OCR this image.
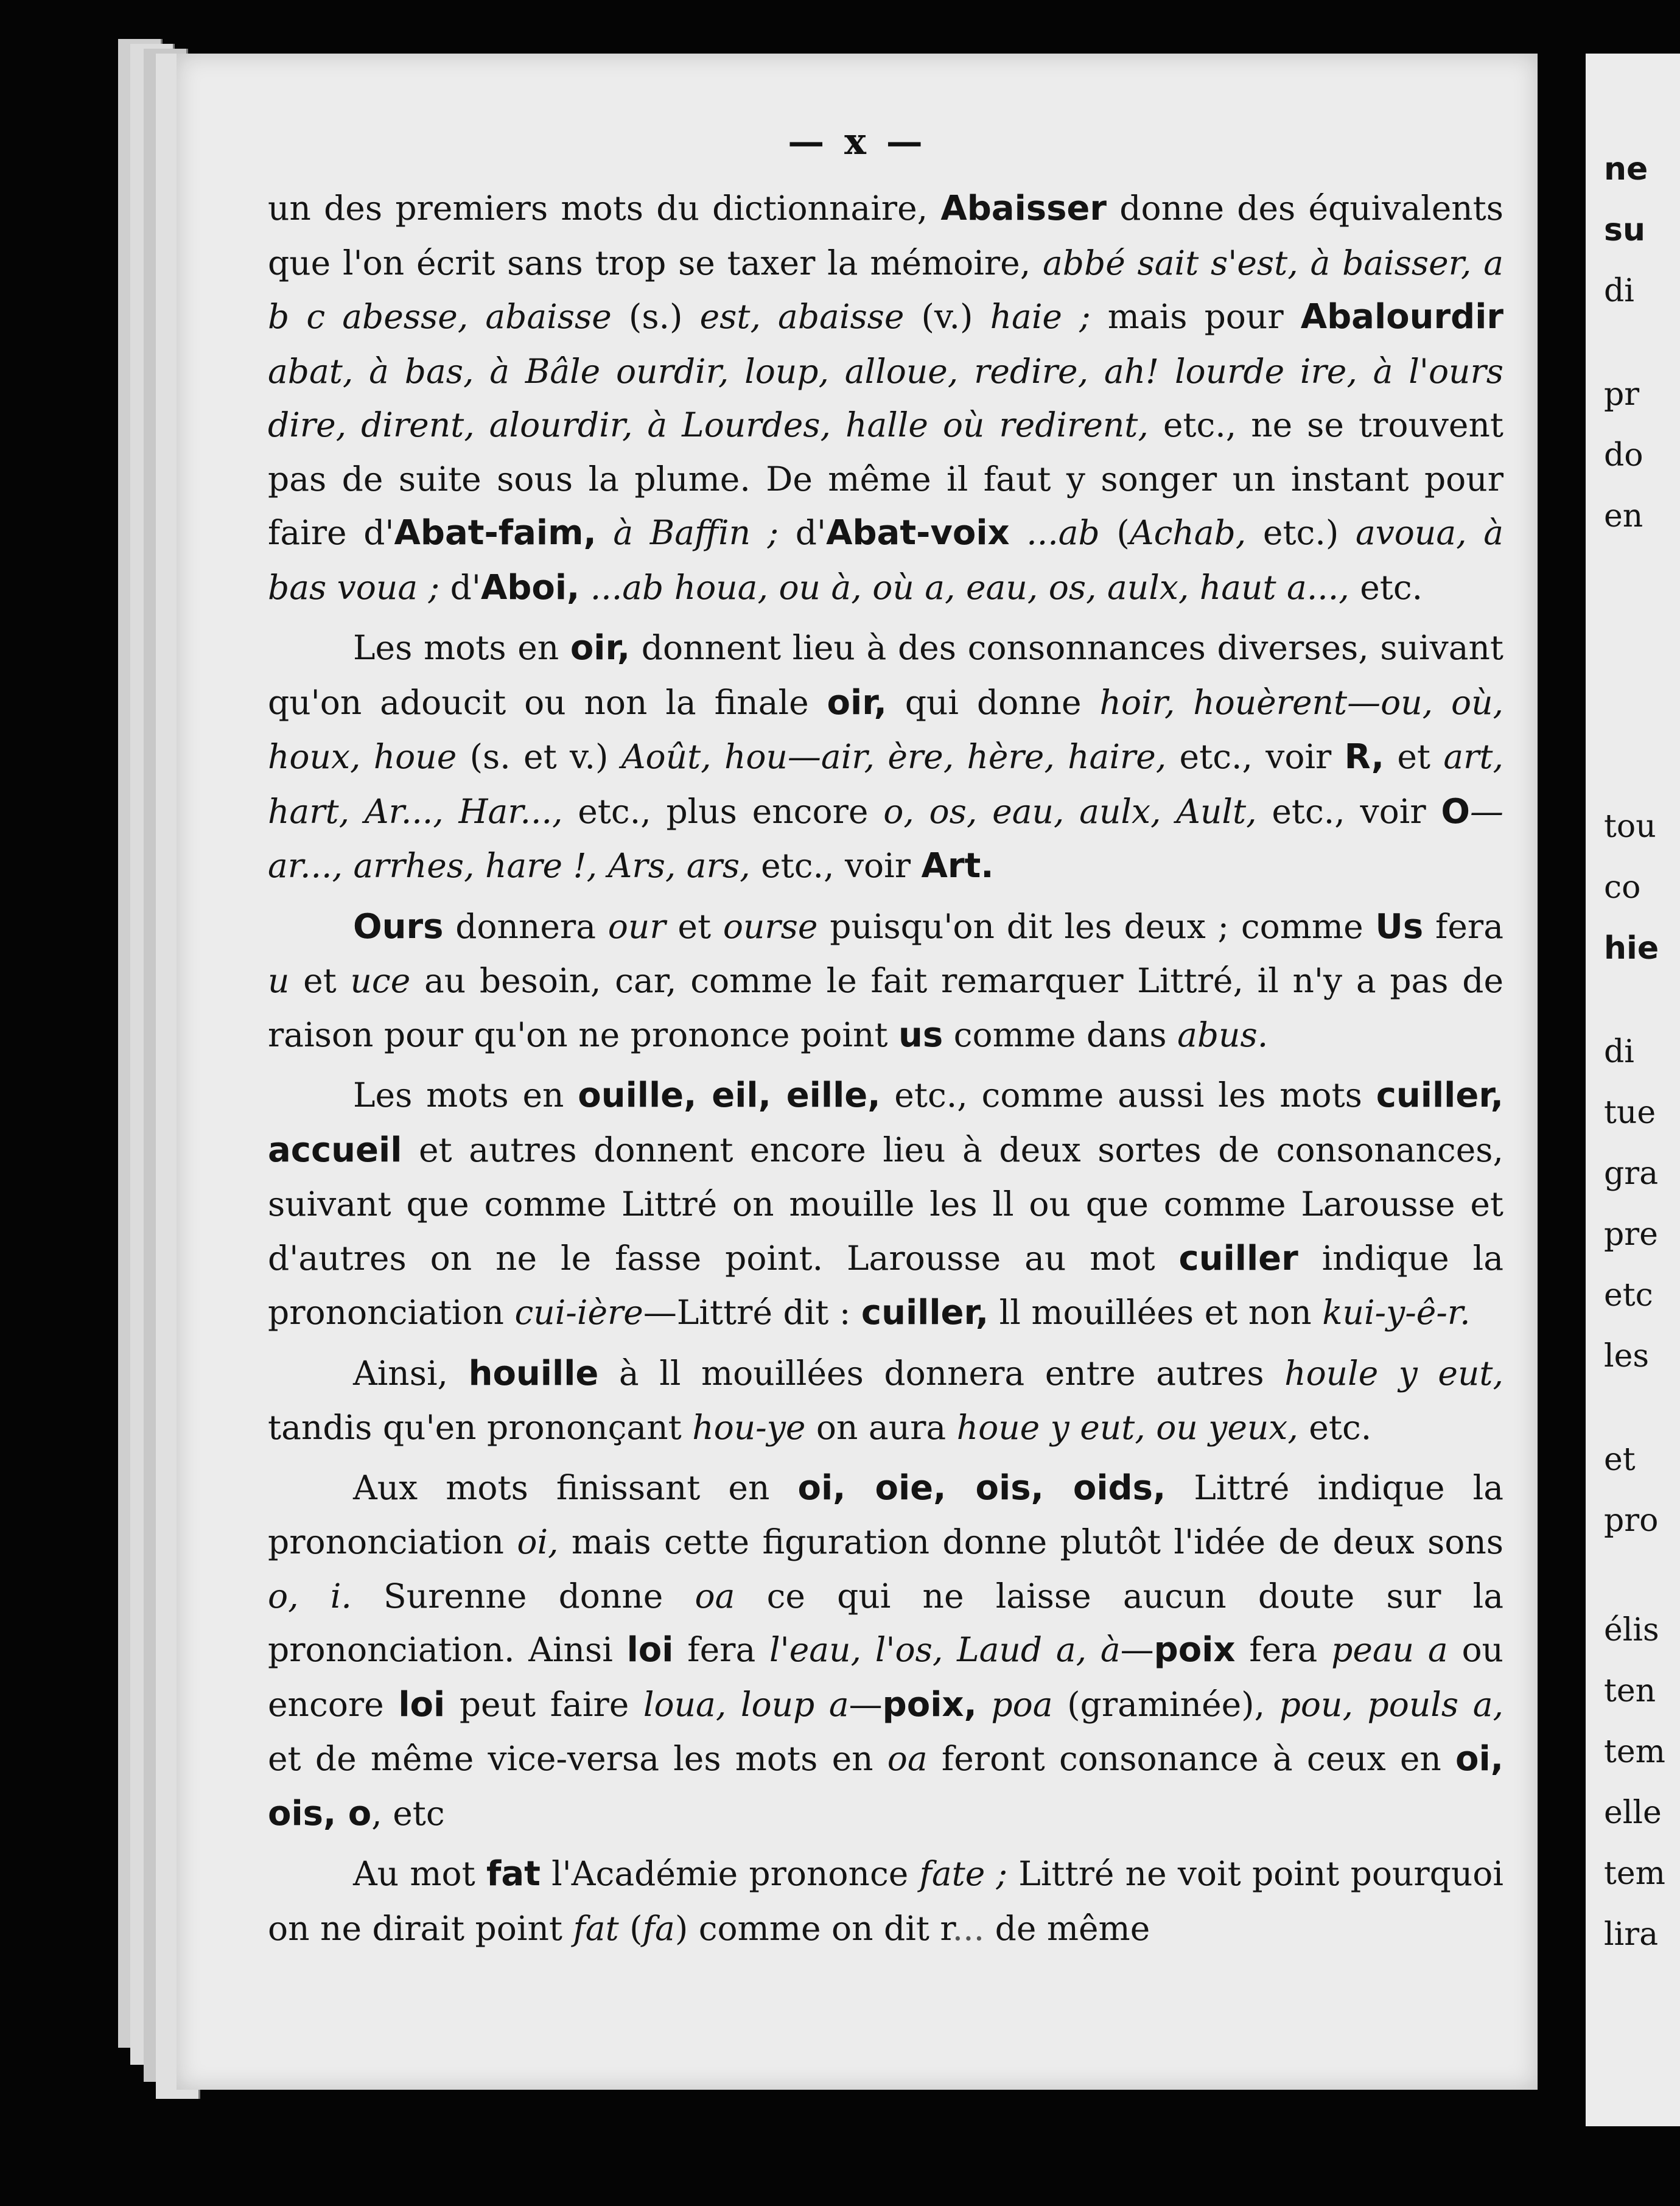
— x —

un des premiers mots du dictionnaire, Abaisser donne des équivalents que l'on écrit sans trop se taxer la mémoire, abbé sait s'est, à baisser, a b c abesse, abaisse (s.) est, abaisse (v.) haie ; mais pour Abalourdir abat, à bas, à Bâle ourdir, loup, alloue, redire, ah! lourde ire, à l'ours dire, dirent, alourdir, à Lourdes, halle où redirent, etc., ne se trouvent pas de suite sous la plume. De même il faut y songer un instant pour faire d'Abat-faim, à Baffin ; d'Abat-voix ...ab (Achab, etc.) avoua, à bas voua ; d'Aboi, ...ab houa, ou à, où a, eau, os, aulx, haut a..., etc.

Les mots en oir, donnent lieu à des consonnances diverses, suivant qu'on adoucit ou non la finale oir, qui donne hoir, houèrent—ou, où, houx, houe (s. et v.) Août, hou—air, ère, hère, haire, etc., voir R, et art, hart, Ar..., Har..., etc., plus encore o, os, eau, aulx, Ault, etc., voir O—ar..., arrhes, hare !, Ars, ars, etc., voir Art.

Ours donnera our et ourse puisqu'on dit les deux ; comme Us fera u et uce au besoin, car, comme le fait remarquer Littré, il n'y a pas de raison pour qu'on ne prononce point us comme dans abus.

Les mots en ouille, eil, eille, etc., comme aussi les mots cuiller, accueil et autres donnent encore lieu à deux sortes de consonances, suivant que comme Littré on mouille les ll ou que comme Larousse et d'autres on ne le fasse point. Larousse au mot cuiller indique la prononciation cui-ière—Littré dit : cuiller, ll mouillées et non kui-y-ê-r.

Ainsi, houille à ll mouillées donnera entre autres houle y eut, tandis qu'en prononçant hou-ye on aura houe y eut, ou yeux, etc.

Aux mots finissant en oi, oie, ois, oids, Littré indique la prononciation oi, mais cette figuration donne plutôt l'idée de deux sons o, i. Surenne donne oa ce qui ne laisse aucun doute sur la prononciation. Ainsi loi fera l'eau, l'os, Laud a, à—poix fera peau a ou encore loi peut faire loua, loup a—poix, poa (graminée), pou, pouls a, et de même vice-versa les mots en oa feront consonance à ceux en oi, ois, o, etc

Au mot fat l'Académie prononce fate ; Littré ne voit point pourquoi on ne dirait point fat (fa) comme on dit r... de même

ne
su
di
pr
do
en
tou
co
hie
di
tue
gra
pre
etc
les
et
pro
élis
ten
tem
elle
tem
lira
